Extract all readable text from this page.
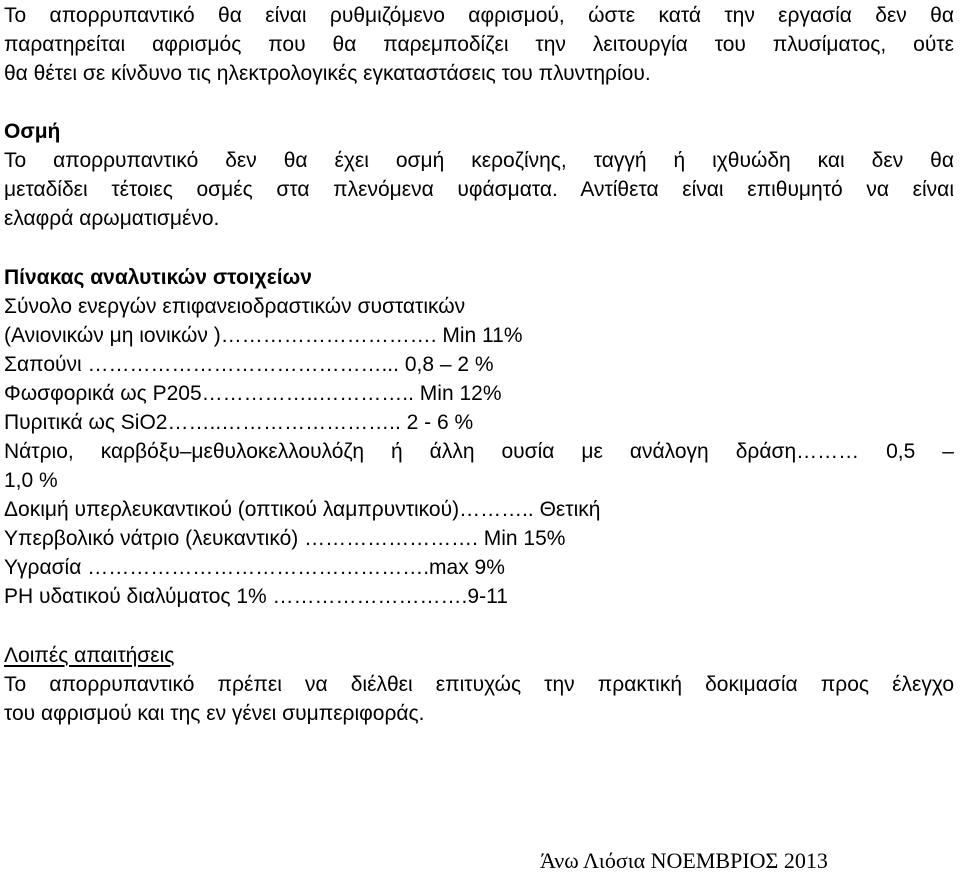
Το απορρυπαντικό θα είναι ρυθμιζόμενο αφρισμού, ώστε κατά την εργασία δεν θα
παρατηρείται αφρισμός που θα παρεμποδίζει την λειτουργία του πλυσίματος, ούτε
θα θέτει σε κίνδυνο τις ηλεκτρολογικές εγκαταστάσεις του πλυντηρίου.
Οσμή
Το απορρυπαντικό δεν θα έχει οσμή κεροζίνης, ταγγή ή ιχθυώδη και δεν θα
μεταδίδει τέτοιες οσμές στα πλενόμενα υφάσματα. Αντίθετα είναι επιθυμητό να είναι
ελαφρά αρωματισμένο.
Πίνακας αναλυτικών στοιχείων
Σύνολο ενεργών επιφανειοδραστικών συστατικών
(Ανιονικών μη ιονικών )…………………………. Min 11%
Σαπούνι ……………………………………... 0,8 – 2 %
Φωσφορικά ως P205……………..………….. Min 12%
Πυριτικά ως SiO2……..…………………….. 2 - 6 %
Νάτριο, καρβόξυ–μεθυλοκελλουλόζη ή άλλη ουσία με ανάλογη δράση……… 0,5 –
1,0 %
Δοκιμή υπερλευκαντικού (οπτικού λαμπρυντικού)……….. Θετική
Υπερβολικό νάτριο (λευκαντικό) ……………………. Min 15%
Υγρασία ………………………………………….max 9%
PH υδατικού διαλύματος 1% ……………………….9-11
Λοιπές απαιτήσεις
Το απορρυπαντικό πρέπει να διέλθει επιτυχώς την πρακτική δοκιμασία προς έλεγχο
του αφρισμού και της εν γένει συμπεριφοράς.
Άνω Λιόσια ΝΟΕΜΒΡΙΟΣ 2013
